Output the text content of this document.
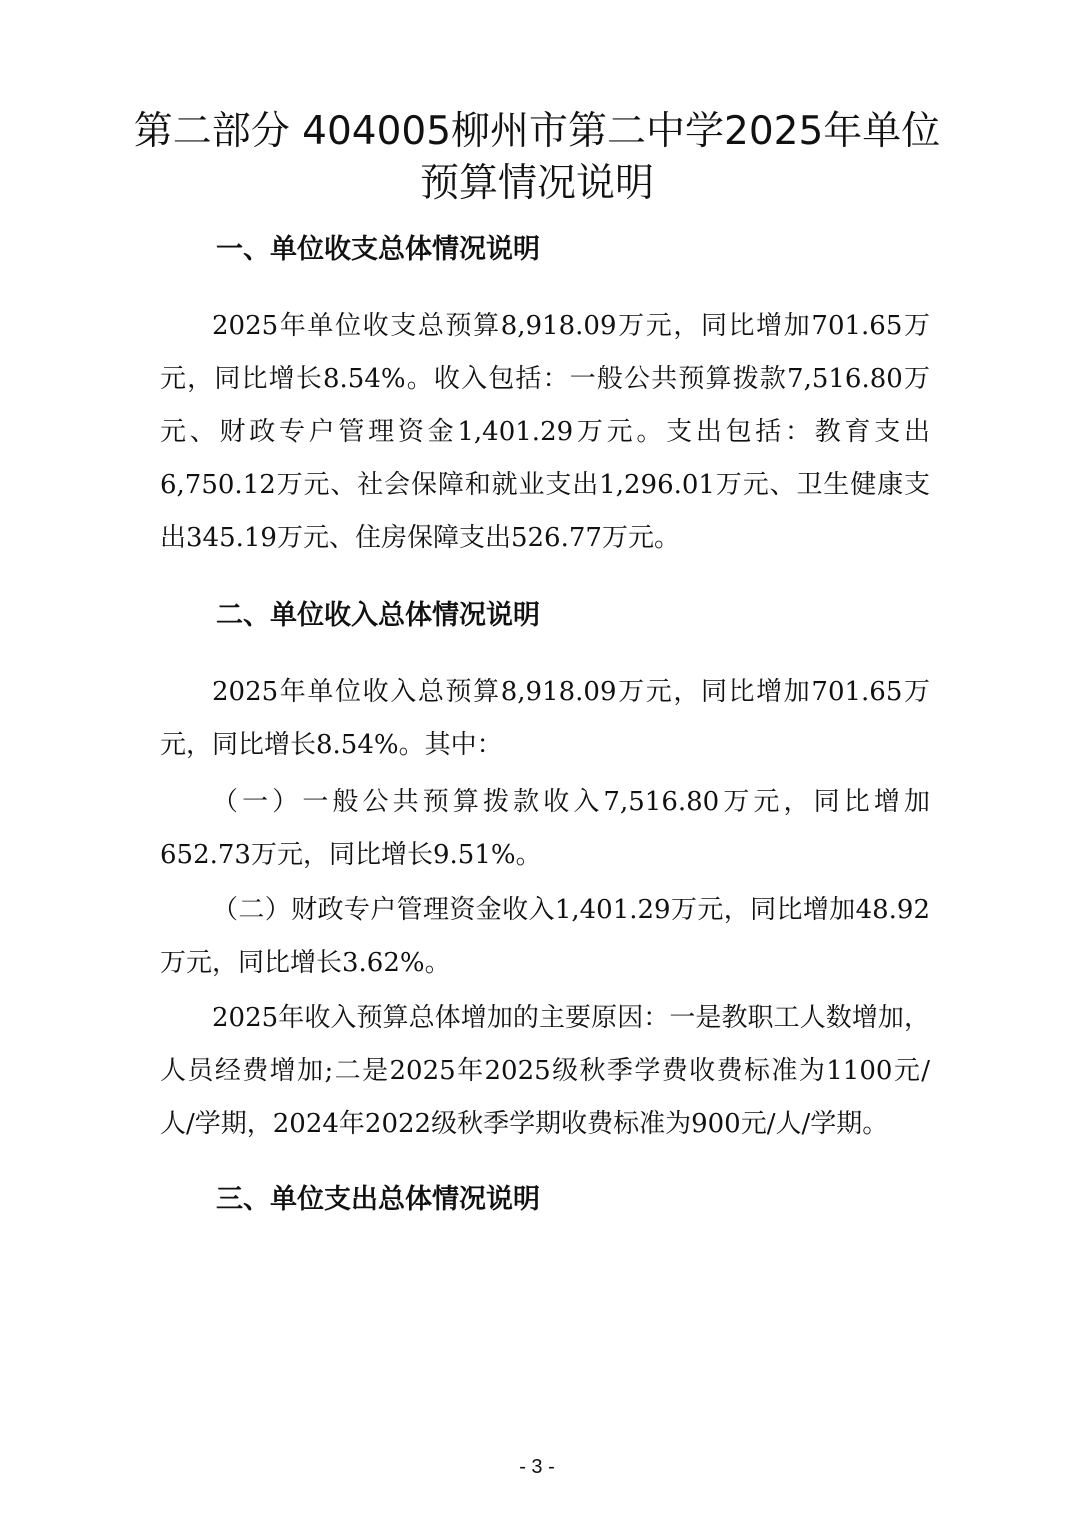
第二部分 404005柳州市第二中学2025年单位预算情况说明
一、单位收支总体情况说明

2025年单位收支总预算8,918.09万元，同比增加701.65万元，同比增长8.54%。收入包括：一般公共预算拨款7,516.80万元、财政专户管理资金1,401.29万元。支出包括：教育支出6,750.12万元、社会保障和就业支出1,296.01万元、卫生健康支出345.19万元、住房保障支出526.77万元。

二、单位收入总体情况说明

2025年单位收入总预算8,918.09万元，同比增加701.65万元，同比增长8.54%。其中：

（一）一般公共预算拨款收入7,516.80万元，同比增加652.73万元，同比增长9.51%。

（二）财政专户管理资金收入1,401.29万元，同比增加48.92万元，同比增长3.62%。

2025年收入预算总体增加的主要原因：一是教职工人数增加，人员经费增加;二是2025年2025级秋季学费收费标准为1100元/人/学期，2024年2022级秋季学期收费标准为900元/人/学期。

三、单位支出总体情况说明
- 3 -
